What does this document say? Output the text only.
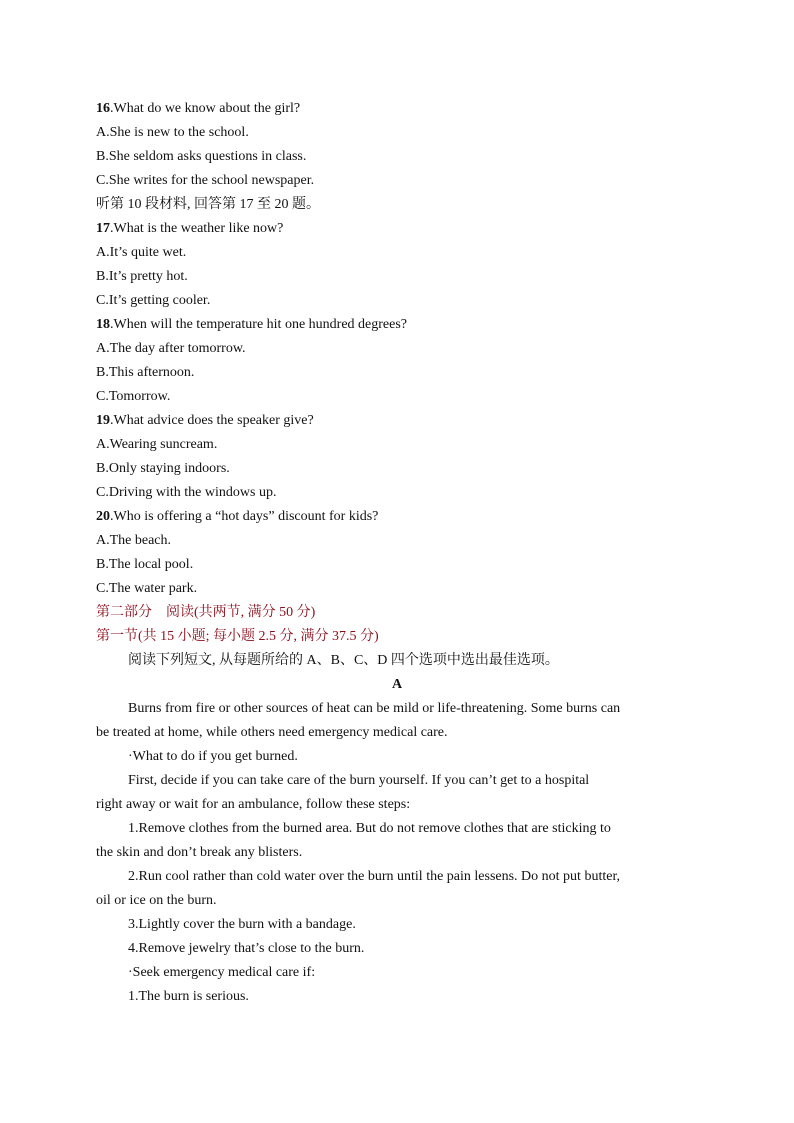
16.What do we know about the girl?
A.She is new to the school.
B.She seldom asks questions in class.
C.She writes for the school newspaper.
听第 10 段材料, 回答第 17 至 20 题。
17.What is the weather like now?
A.It’s quite wet.
B.It’s pretty hot.
C.It’s getting cooler.
18.When will the temperature hit one hundred degrees?
A.The day after tomorrow.
B.This afternoon.
C.Tomorrow.
19.What advice does the speaker give?
A.Wearing suncream.
B.Only staying indoors.
C.Driving with the windows up.
20.Who is offering a “hot days” discount for kids?
A.The beach.
B.The local pool.
C.The water park.
第二部分　阅读(共两节, 满分 50 分)
第一节(共 15 小题; 每小题 2.5 分, 满分 37.5 分)
阅读下列短文, 从每题所给的 A、B、C、D 四个选项中选出最佳选项。
A
Burns from fire or other sources of heat can be mild or life-threatening. Some burns can
be treated at home, while others need emergency medical care.
·What to do if you get burned.
First, decide if you can take care of the burn yourself. If you can’t get to a hospital
right away or wait for an ambulance, follow these steps:
1.Remove clothes from the burned area. But do not remove clothes that are sticking to
the skin and don’t break any blisters.
2.Run cool rather than cold water over the burn until the pain lessens. Do not put butter,
oil or ice on the burn.
3.Lightly cover the burn with a bandage.
4.Remove jewelry that’s close to the burn.
·Seek emergency medical care if:
1.The burn is serious.
